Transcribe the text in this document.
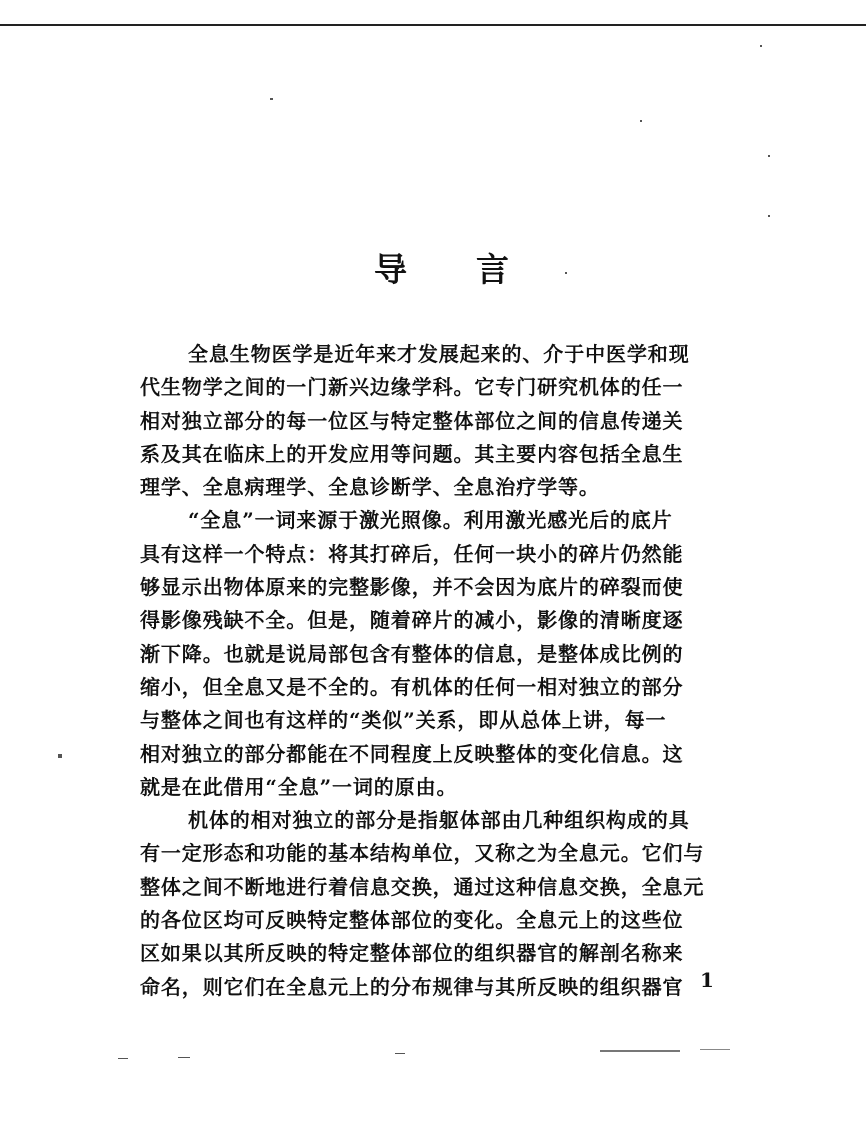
导 言
全息生物医学是近年来才发展起来的、介于中医学和现
代生物学之间的一门新兴边缘学科。它专门研究机体的任一
相对独立部分的每一位区与特定整体部位之间的信息传递关
系及其在临床上的开发应用等问题。其主要内容包括全息生
理学、全息病理学、全息诊断学、全息治疗学等。
“全息”一词来源于激光照像。利用激光感光后的底片
具有这样一个特点：将其打碎后，任何一块小的碎片仍然能
够显示出物体原来的完整影像，并不会因为底片的碎裂而使
得影像残缺不全。但是，随着碎片的减小，影像的清晰度逐
渐下降。也就是说局部包含有整体的信息，是整体成比例的
缩小，但全息又是不全的。有机体的任何一相对独立的部分
与整体之间也有这样的“类似”关系，即从总体上讲，每一
相对独立的部分都能在不同程度上反映整体的变化信息。这
就是在此借用“全息”一词的原由。
机体的相对独立的部分是指躯体部由几种组织构成的具
有一定形态和功能的基本结构单位，又称之为全息元。它们与
整体之间不断地进行着信息交换，通过这种信息交换，全息元
的各位区均可反映特定整体部位的变化。全息元上的这些位
区如果以其所反映的特定整体部位的组织器官的解剖名称来
命名，则它们在全息元上的分布规律与其所反映的组织器官 1
